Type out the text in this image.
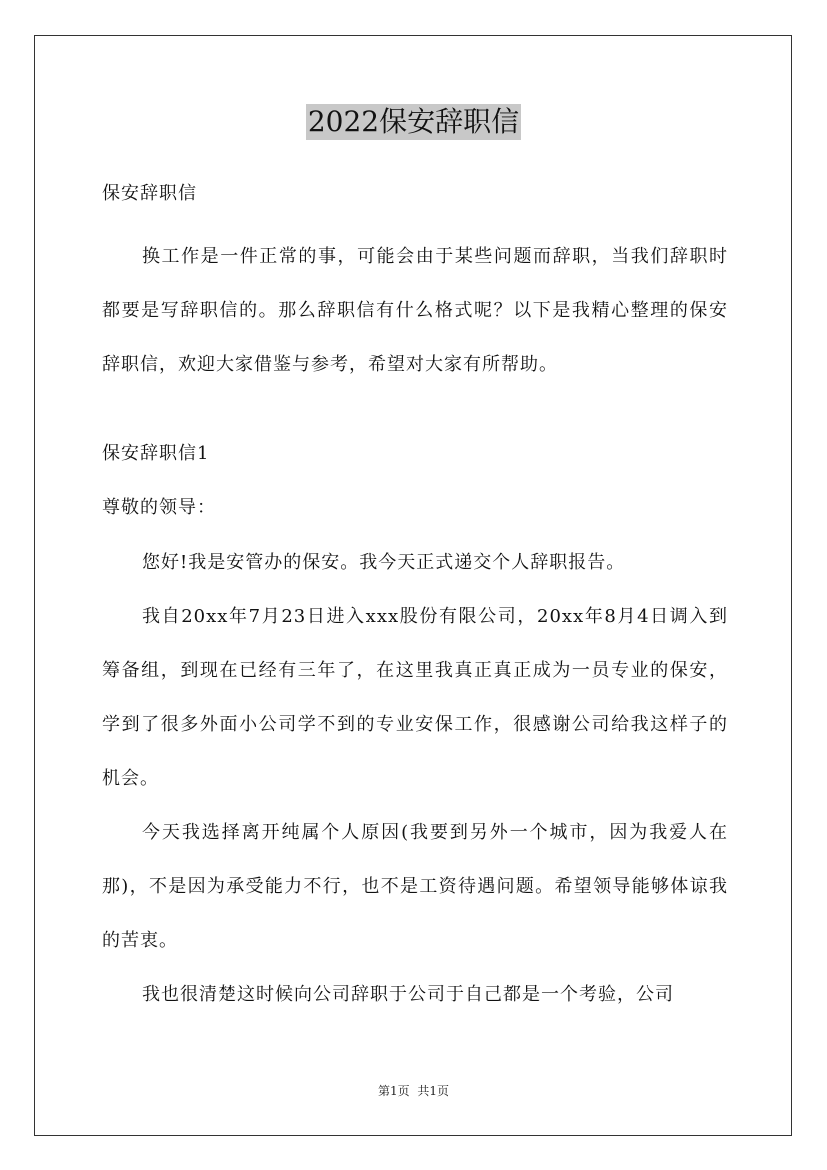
2022保安辞职信
保安辞职信

换工作是一件正常的事，可能会由于某些问题而辞职，当我们辞职时都要是写辞职信的。那么辞职信有什么格式呢？以下是我精心整理的保安辞职信，欢迎大家借鉴与参考，希望对大家有所帮助。

保安辞职信1
尊敬的领导：

您好!我是安管办的保安。我今天正式递交个人辞职报告。

我自20xx年7月23日进入xxx股份有限公司，20xx年8月4日调入到筹备组，到现在已经有三年了，在这里我真正真正成为一员专业的保安，学到了很多外面小公司学不到的专业安保工作，很感谢公司给我这样子的机会。

今天我选择离开纯属个人原因(我要到另外一个城市，因为我爱人在那)，不是因为承受能力不行，也不是工资待遇问题。希望领导能够体谅我的苦衷。

我也很清楚这时候向公司辞职于公司于自己都是一个考验，公司

第1页 共1页
